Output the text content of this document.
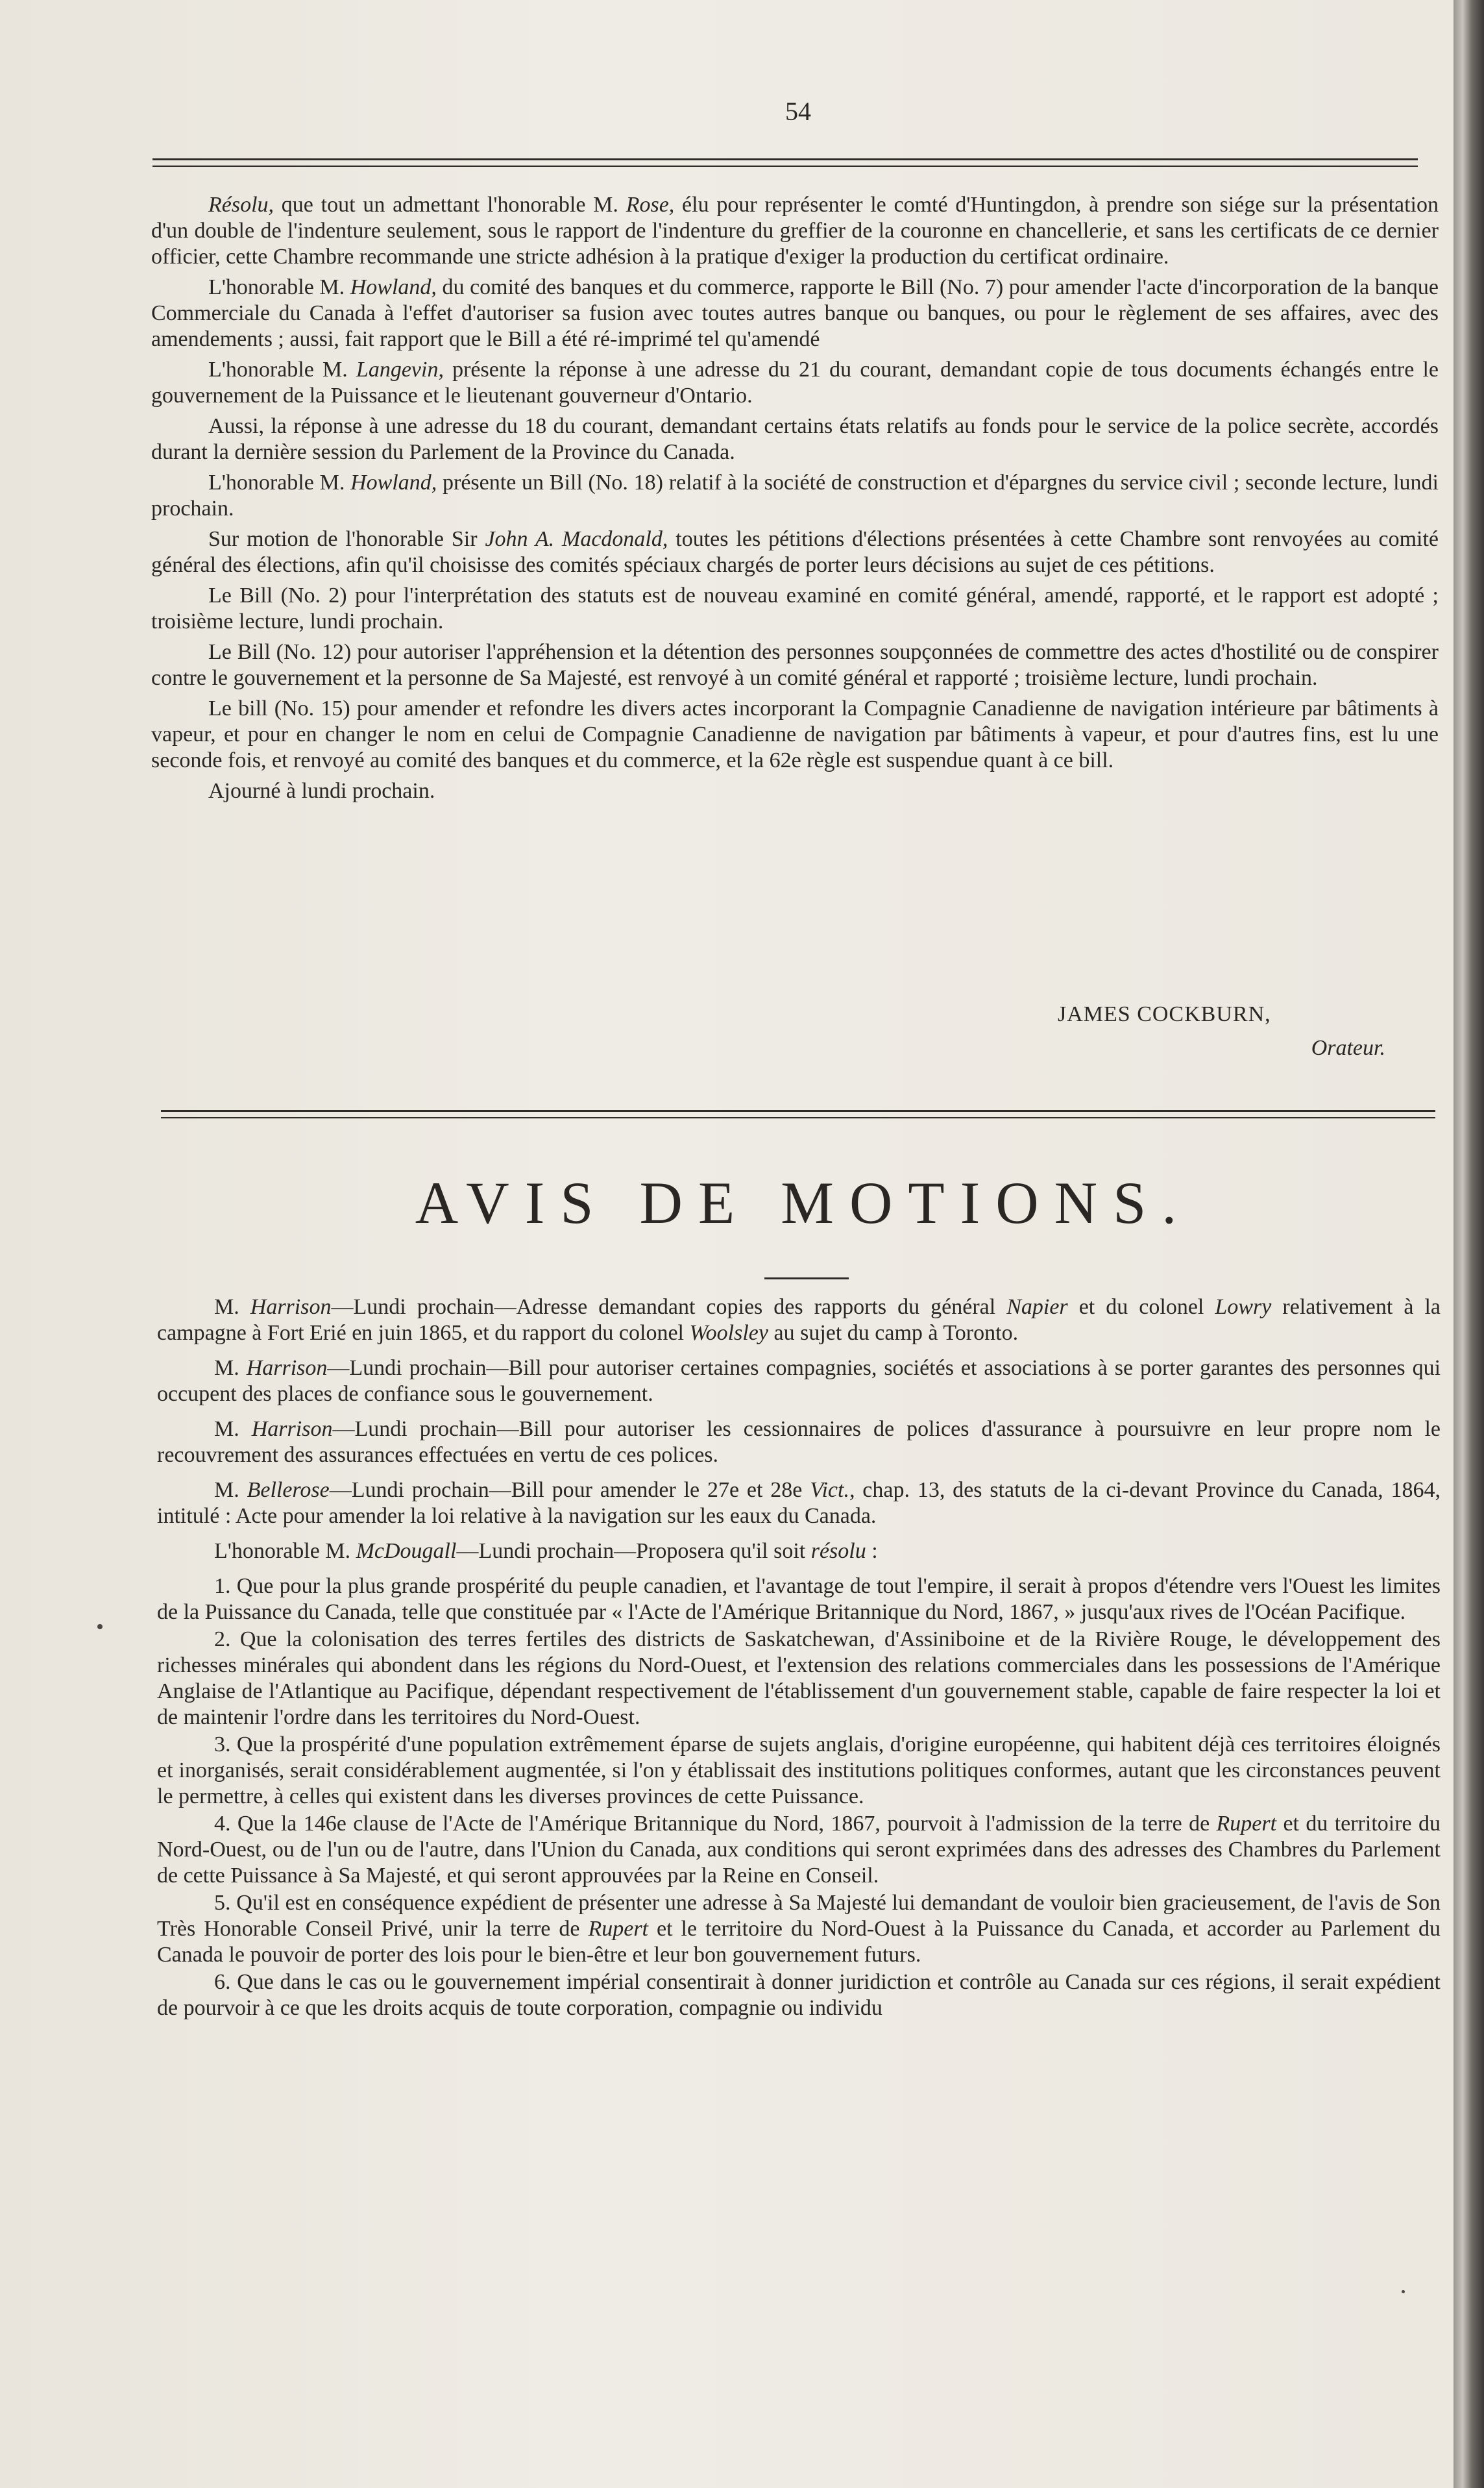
54

Résolu, que tout un admettant l'honorable M. Rose, élu pour représenter le comté d'Huntingdon, à prendre son siége sur la présentation d'un double de l'indenture seulement, sous le rapport de l'indenture du greffier de la couronne en chancellerie, et sans les certificats de ce dernier officier, cette Chambre recommande une stricte adhésion à la pratique d'exiger la production du certificat ordinaire.

L'honorable M. Howland, du comité des banques et du commerce, rapporte le Bill (No. 7) pour amender l'acte d'incorporation de la banque Commerciale du Canada à l'effet d'autoriser sa fusion avec toutes autres banque ou banques, ou pour le règlement de ses affaires, avec des amendements ; aussi, fait rapport que le Bill a été ré-imprimé tel qu'amendé

L'honorable M. Langevin, présente la réponse à une adresse du 21 du courant, demandant copie de tous documents échangés entre le gouvernement de la Puissance et le lieutenant gouverneur d'Ontario.

Aussi, la réponse à une adresse du 18 du courant, demandant certains états relatifs au fonds pour le service de la police secrète, accordés durant la dernière session du Parlement de la Province du Canada.

L'honorable M. Howland, présente un Bill (No. 18) relatif à la société de construction et d'épargnes du service civil ; seconde lecture, lundi prochain.

Sur motion de l'honorable Sir John A. Macdonald, toutes les pétitions d'élections présentées à cette Chambre sont renvoyées au comité général des élections, afin qu'il choisisse des comités spéciaux chargés de porter leurs décisions au sujet de ces pétitions.

Le Bill (No. 2) pour l'interprétation des statuts est de nouveau examiné en comité général, amendé, rapporté, et le rapport est adopté ; troisième lecture, lundi prochain.

Le Bill (No. 12) pour autoriser l'appréhension et la détention des personnes soupçonnées de commettre des actes d'hostilité ou de conspirer contre le gouvernement et la personne de Sa Majesté, est renvoyé à un comité général et rapporté ; troisième lecture, lundi prochain.

Le bill (No. 15) pour amender et refondre les divers actes incorporant la Compagnie Canadienne de navigation intérieure par bâtiments à vapeur, et pour en changer le nom en celui de Compagnie Canadienne de navigation par bâtiments à vapeur, et pour d'autres fins, est lu une seconde fois, et renvoyé au comité des banques et du commerce, et la 62e règle est suspendue quant à ce bill.

Ajourné à lundi prochain.

JAMES COCKBURN,
Orateur.
AVIS DE MOTIONS.

M. Harrison—Lundi prochain—Adresse demandant copies des rapports du général Napier et du colonel Lowry relativement à la campagne à Fort Erié en juin 1865, et du rapport du colonel Woolsley au sujet du camp à Toronto.

M. Harrison—Lundi prochain—Bill pour autoriser certaines compagnies, sociétés et associations à se porter garantes des personnes qui occupent des places de confiance sous le gouvernement.

M. Harrison—Lundi prochain—Bill pour autoriser les cessionnaires de polices d'assurance à poursuivre en leur propre nom le recouvrement des assurances effectuées en vertu de ces polices.

M. Bellerose—Lundi prochain—Bill pour amender le 27e et 28e Vict., chap. 13, des statuts de la ci-devant Province du Canada, 1864, intitulé : Acte pour amender la loi relative à la navigation sur les eaux du Canada.

L'honorable M. McDougall—Lundi prochain—Proposera qu'il soit résolu :

1. Que pour la plus grande prospérité du peuple canadien, et l'avantage de tout l'empire, il serait à propos d'étendre vers l'Ouest les limites de la Puissance du Canada, telle que constituée par « l'Acte de l'Amérique Britannique du Nord, 1867, » jusqu'aux rives de l'Océan Pacifique.

2. Que la colonisation des terres fertiles des districts de Saskatchewan, d'Assiniboine et de la Rivière Rouge, le développement des richesses minérales qui abondent dans les régions du Nord-Ouest, et l'extension des relations commerciales dans les possessions de l'Amérique Anglaise de l'Atlantique au Pacifique, dépendant respectivement de l'établissement d'un gouvernement stable, capable de faire respecter la loi et de maintenir l'ordre dans les territoires du Nord-Ouest.

3. Que la prospérité d'une population extrêmement éparse de sujets anglais, d'origine européenne, qui habitent déjà ces territoires éloignés et inorganisés, serait considérablement augmentée, si l'on y établissait des institutions politiques conformes, autant que les circonstances peuvent le permettre, à celles qui existent dans les diverses provinces de cette Puissance.

4. Que la 146e clause de l'Acte de l'Amérique Britannique du Nord, 1867, pourvoit à l'admission de la terre de Rupert et du territoire du Nord-Ouest, ou de l'un ou de l'autre, dans l'Union du Canada, aux conditions qui seront exprimées dans des adresses des Chambres du Parlement de cette Puissance à Sa Majesté, et qui seront approuvées par la Reine en Conseil.

5. Qu'il est en conséquence expédient de présenter une adresse à Sa Majesté lui demandant de vouloir bien gracieusement, de l'avis de Son Très Honorable Conseil Privé, unir la terre de Rupert et le territoire du Nord-Ouest à la Puissance du Canada, et accorder au Parlement du Canada le pouvoir de porter des lois pour le bien-être et leur bon gouvernement futurs.

6. Que dans le cas ou le gouvernement impérial consentirait à donner juridiction et contrôle au Canada sur ces régions, il serait expédient de pourvoir à ce que les droits acquis de toute corporation, compagnie ou individu
